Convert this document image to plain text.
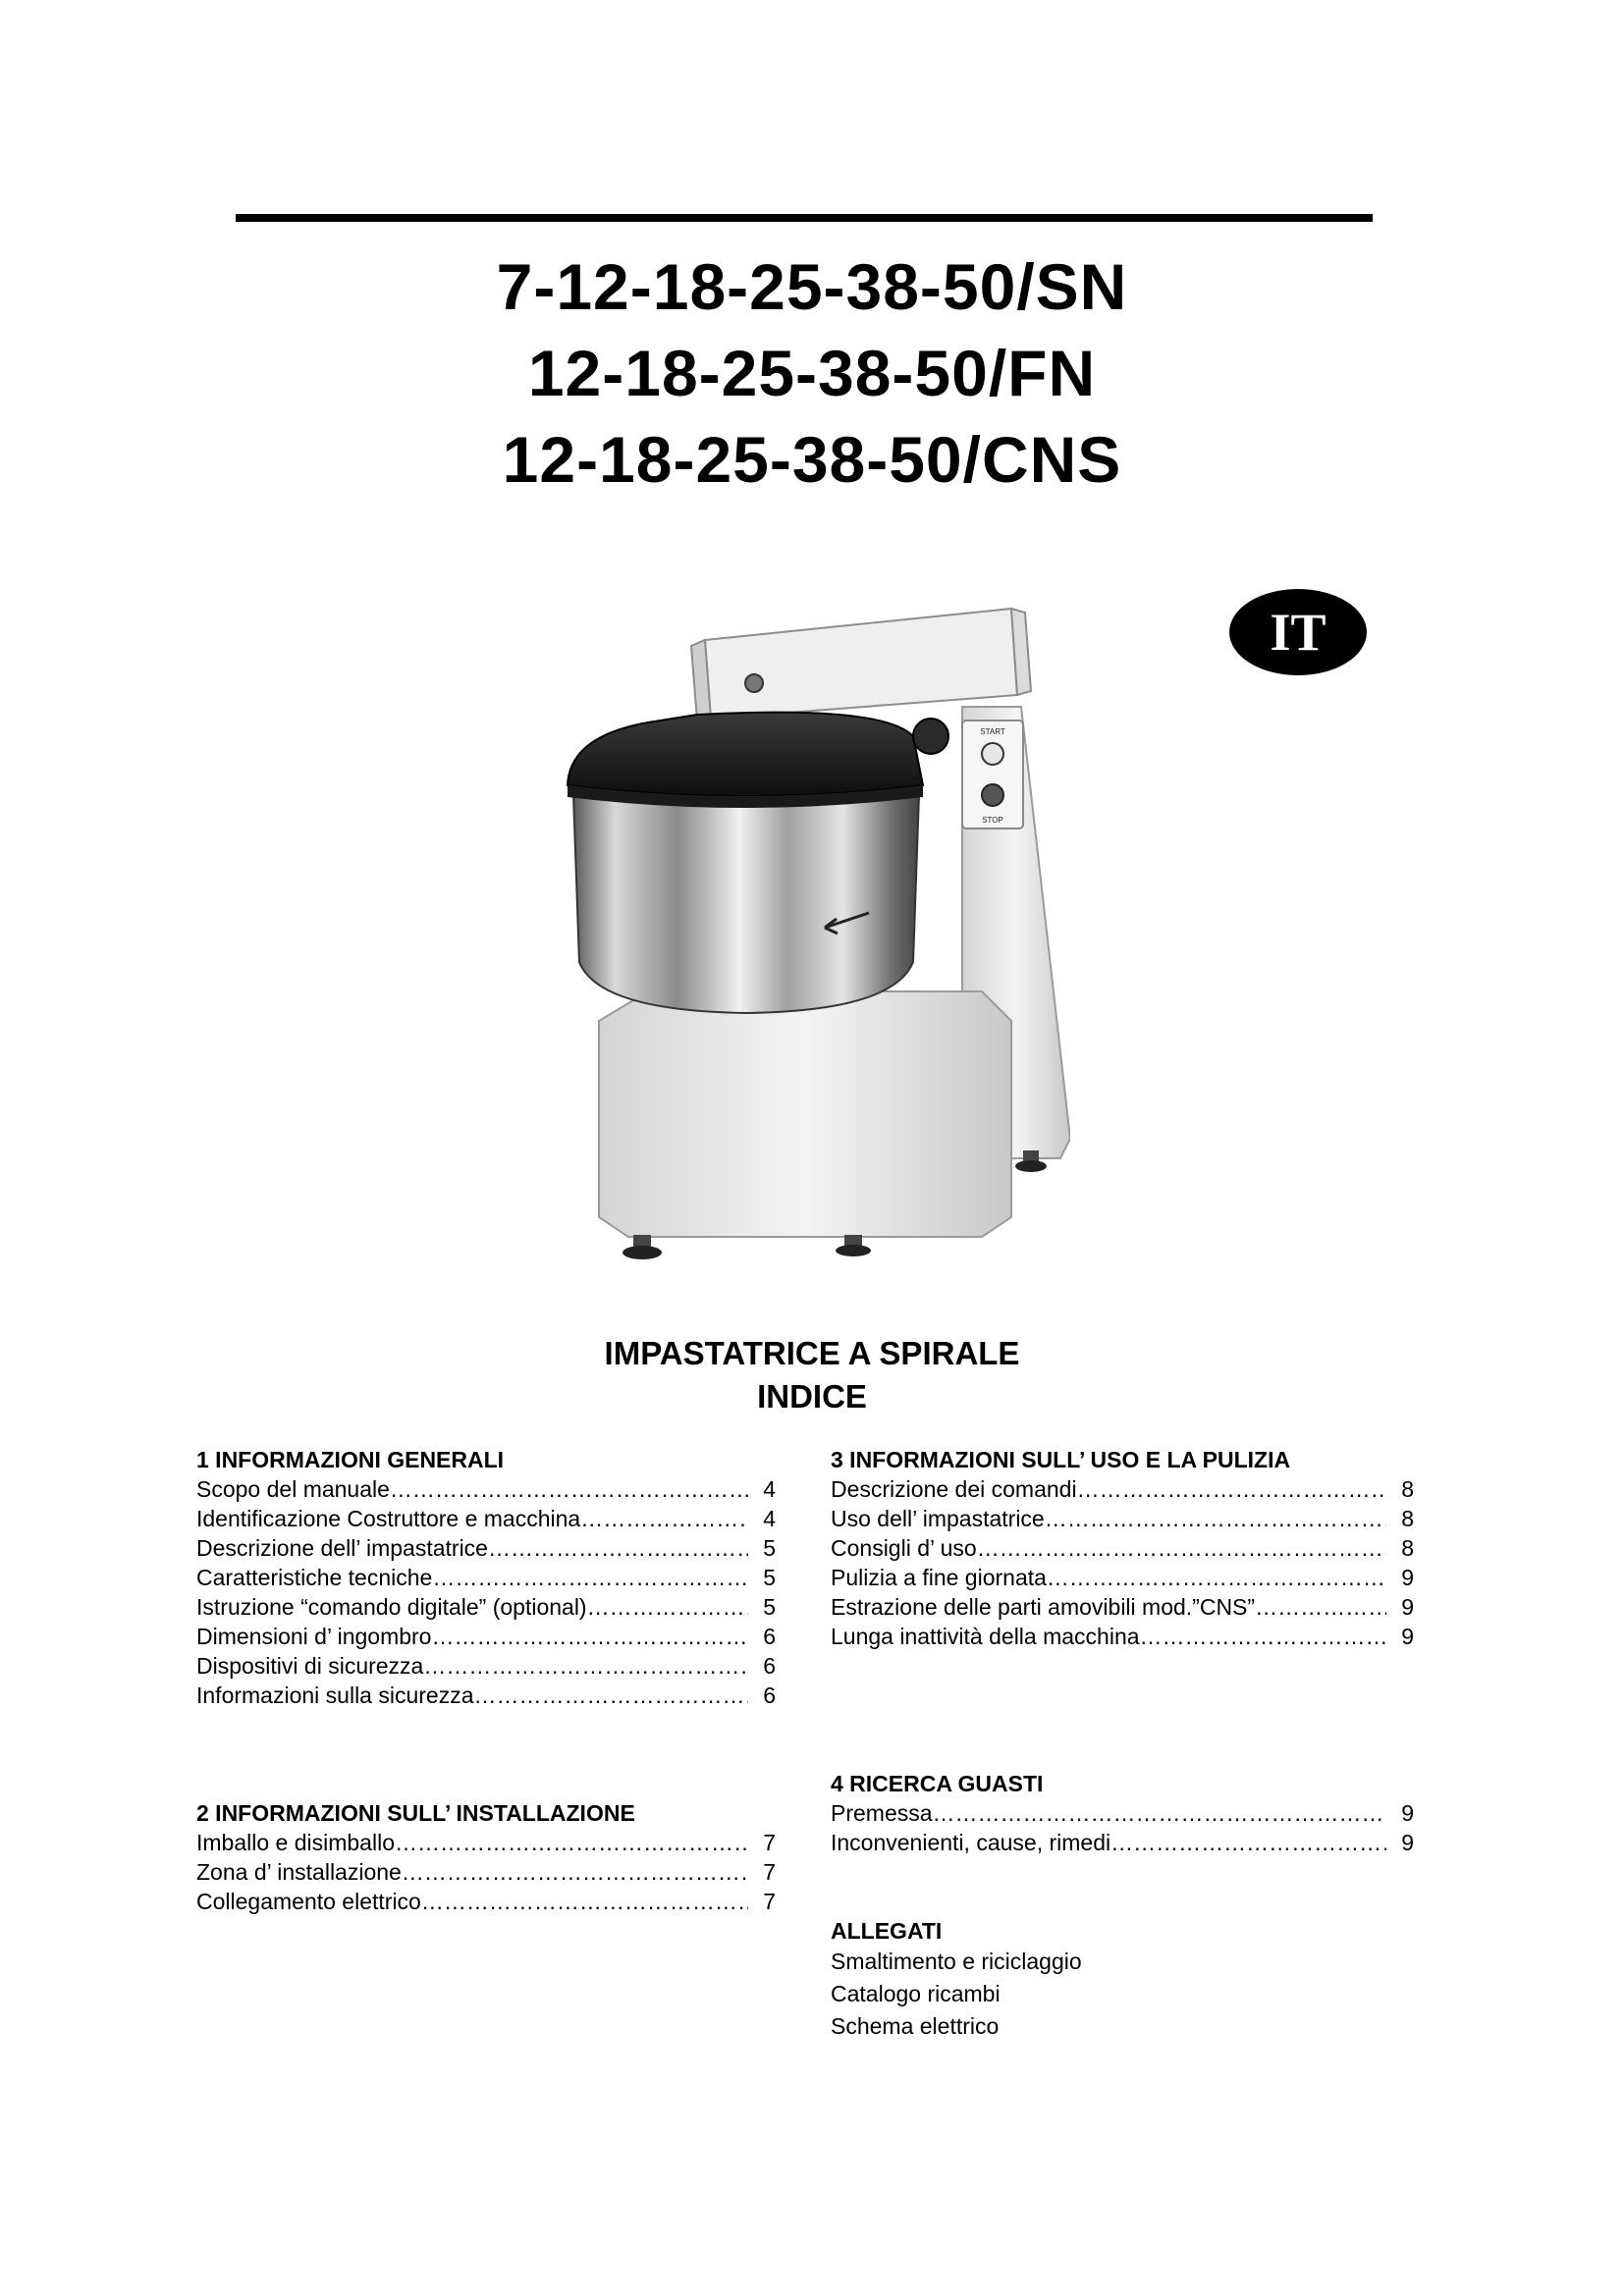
7-12-18-25-38-50/SN
12-18-25-38-50/FN
12-18-25-38-50/CNS
IT
START
STOP
IMPASTATRICE A SPIRALE
INDICE
1 INFORMAZIONI GENERALI
Scopo del manuale ……………………………………………………………………………………………………………………………………………	4
Identificazione Costruttore e macchina ……………………………………………………………………………………………………………………………………………	4
Descrizione dell’ impastatrice ……………………………………………………………………………………………………………………………………………	5
Caratteristiche tecniche ……………………………………………………………………………………………………………………………………………	5
Istruzione “comando digitale” (optional) ……………………………………………………………………………………………………………………………………………	5
Dimensioni d’ ingombro ……………………………………………………………………………………………………………………………………………	6
Dispositivi di sicurezza ……………………………………………………………………………………………………………………………………………	6
Informazioni sulla sicurezza ……………………………………………………………………………………………………………………………………………	6
2 INFORMAZIONI SULL’ INSTALLAZIONE
Imballo e disimballo ……………………………………………………………………………………………………………………………………………	7
Zona d’ installazione ……………………………………………………………………………………………………………………………………………	7
Collegamento elettrico ……………………………………………………………………………………………………………………………………………	7
3 INFORMAZIONI SULL’ USO E LA PULIZIA
Descrizione dei comandi ……………………………………………………………………………………………………………………………………………	8
Uso dell’ impastatrice ……………………………………………………………………………………………………………………………………………	8
Consigli d’ uso ……………………………………………………………………………………………………………………………………………	8
Pulizia a fine giornata ……………………………………………………………………………………………………………………………………………	9
Estrazione delle parti amovibili mod.”CNS” ……………………………………………………………………………………………………………………………………………	9
Lunga inattività della macchina ……………………………………………………………………………………………………………………………………………	9
4 RICERCA GUASTI
Premessa ……………………………………………………………………………………………………………………………………………	9
Inconvenienti, cause, rimedi ……………………………………………………………………………………………………………………………………………	9
ALLEGATI
Smaltimento e riciclaggio
Catalogo ricambi
Schema elettrico
